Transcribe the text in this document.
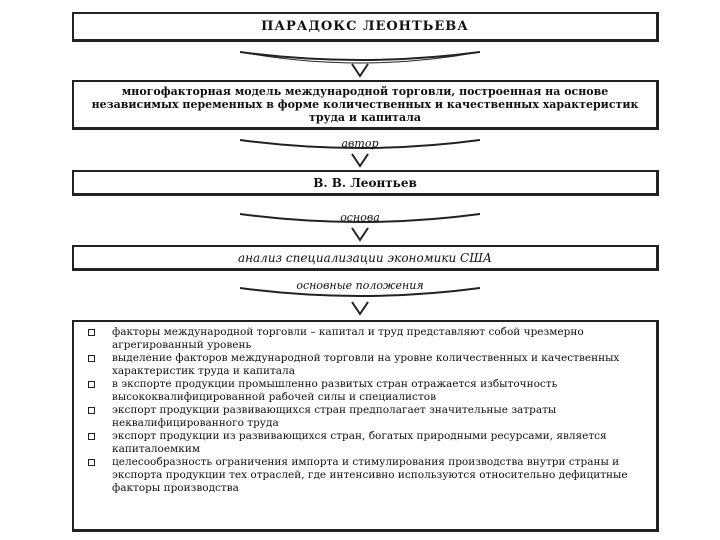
ПАРАДОКС ЛЕОНТЬЕВА
многофакторная модель международной торговли, построенная на основе независимых переменных в форме количественных и качественных характеристик труда и капитала
автор
В. В. Леонтьев
основа
анализ специализации экономики США
основные положения
факторы международной торговли – капитал и труд представляют собой чрезмерно агрегированный уровень
выделение факторов международной торговли на уровне количественных и качественных характеристик труда и капитала
в экспорте продукции промышленно развитых стран отражается избыточность высококвалифицированной рабочей силы и специалистов
экспорт продукции развивающихся стран предполагает значительные затраты неквалифицированного труда
экспорт продукции из развивающихся стран, богатых природными ресурсами, является капиталоемким
целесообразность ограничения импорта и стимулирования производства внутри страны и экспорта продукции тех отраслей, где интенсивно используются относительно дефицитные факторы производства
